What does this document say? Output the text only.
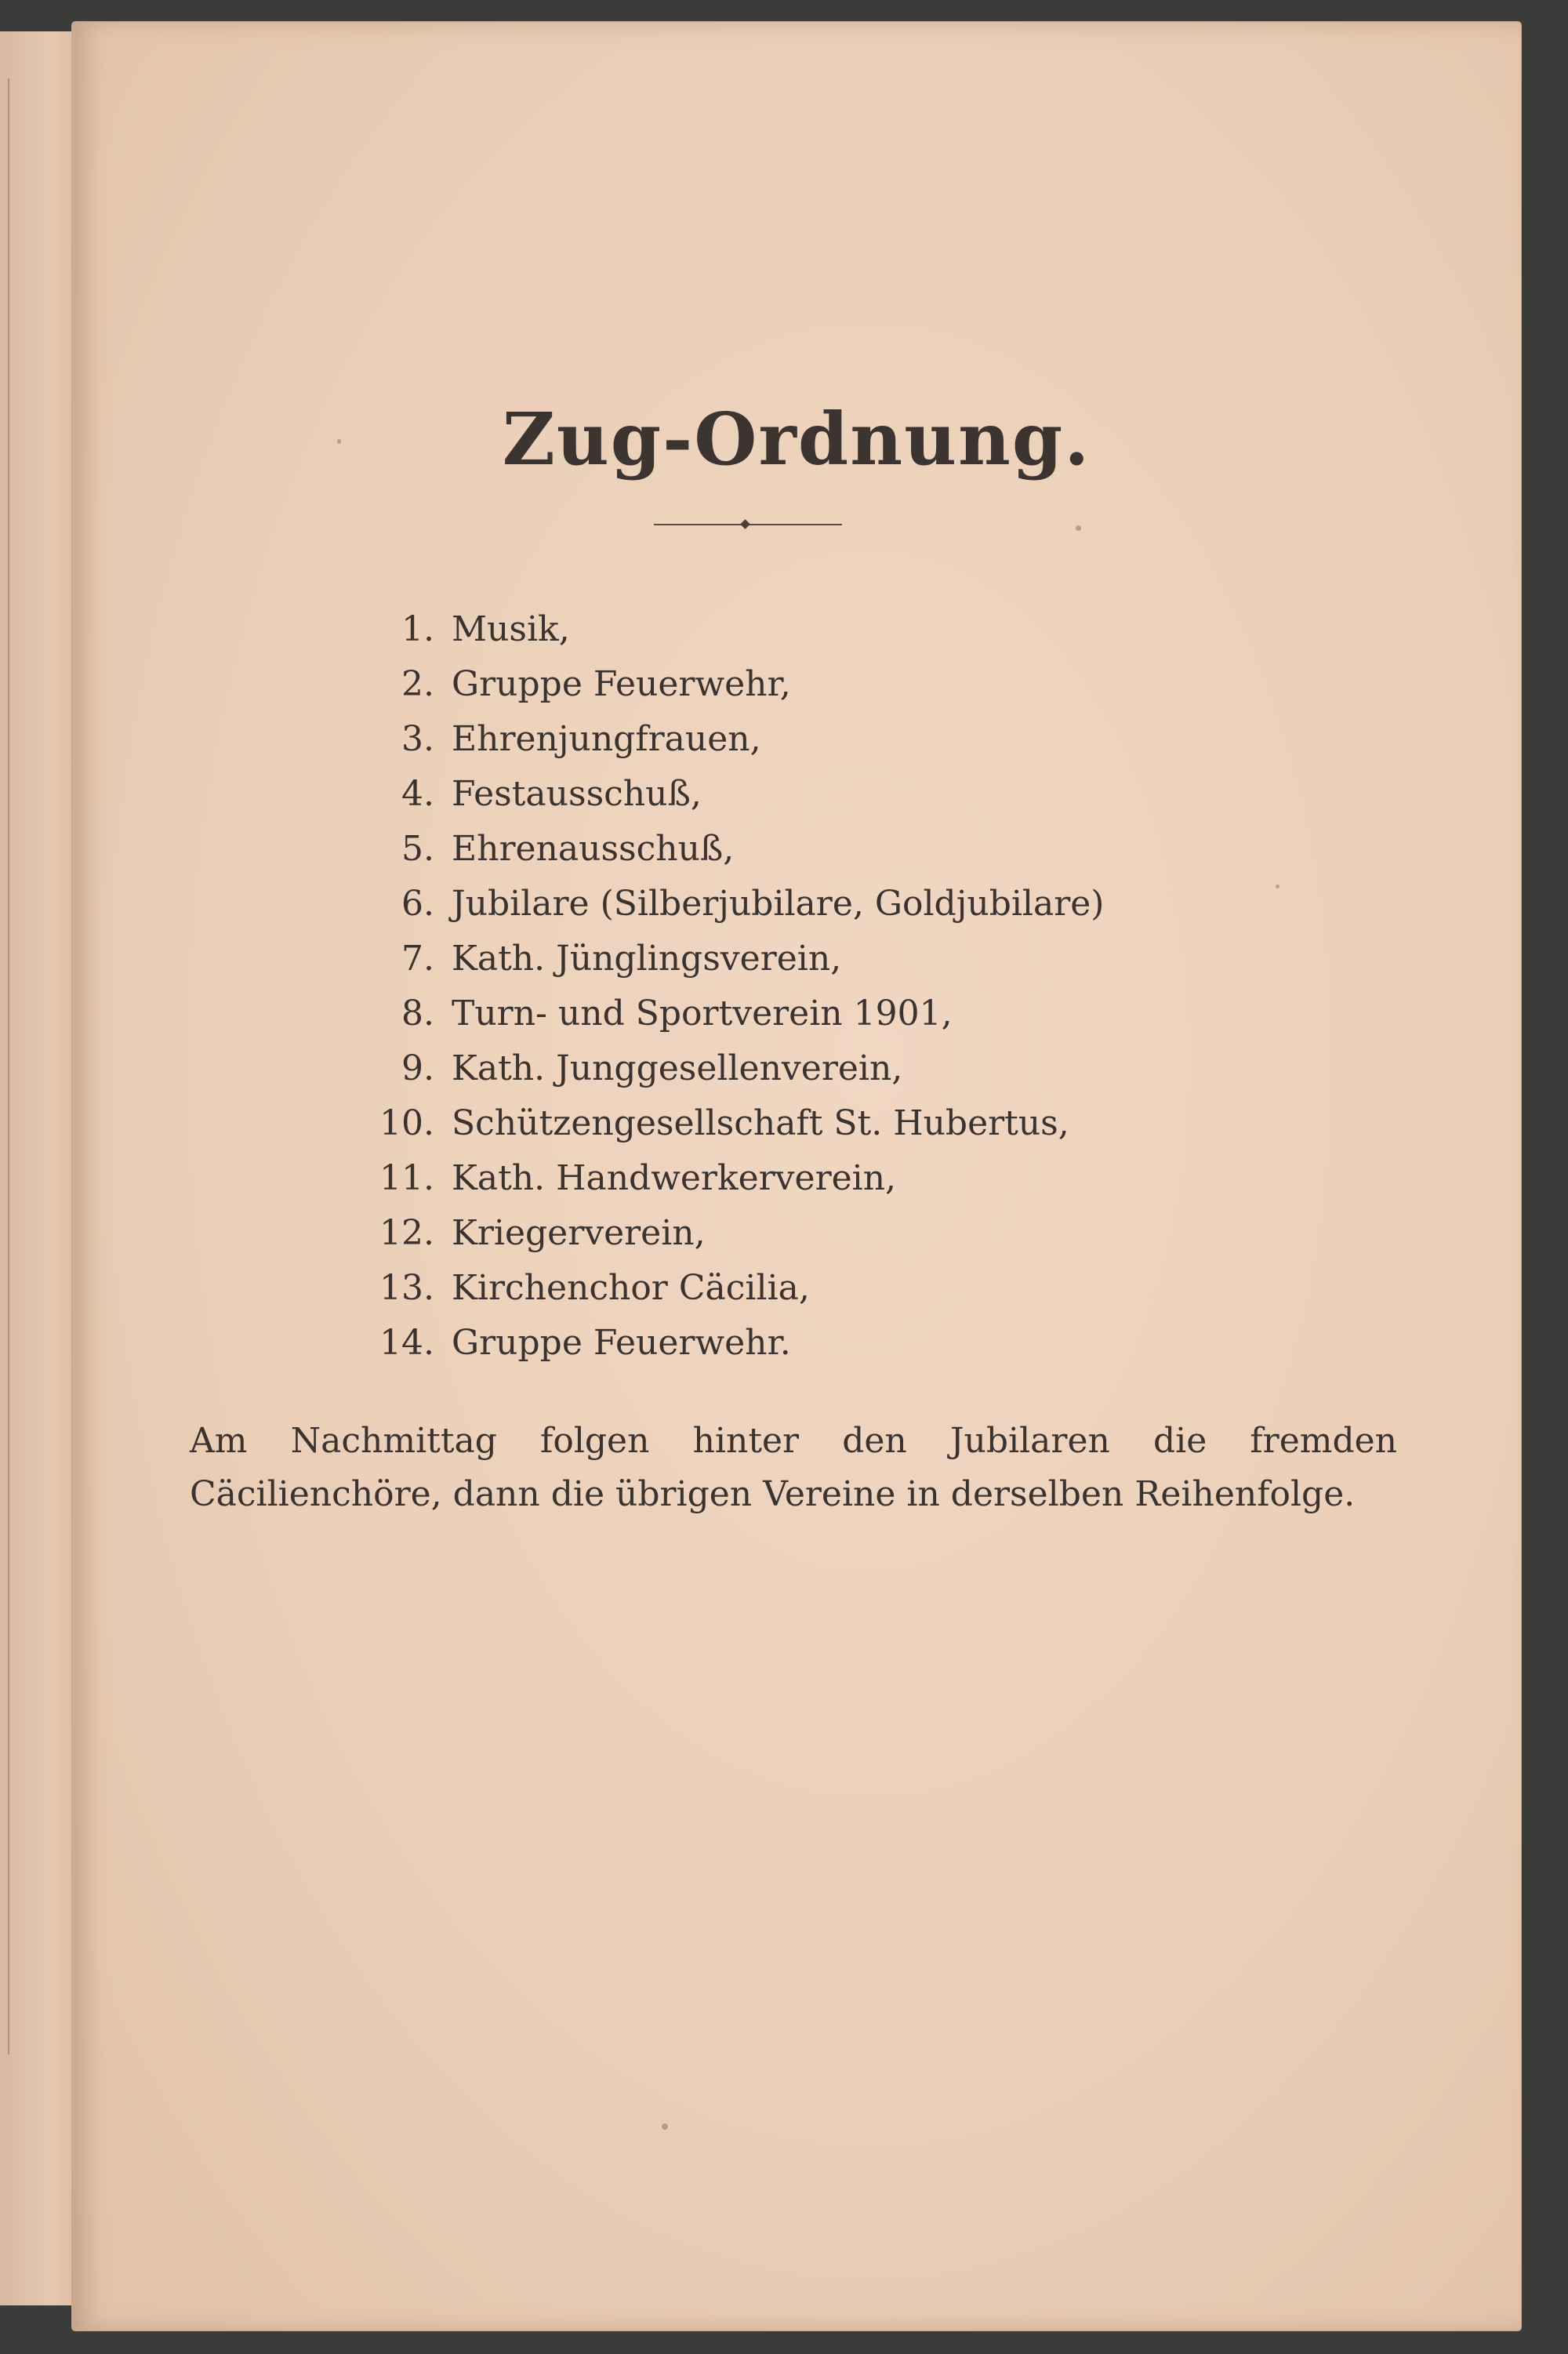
Zug-Ordnung.
1. Musik,
2. Gruppe Feuerwehr,
3. Ehrenjungfrauen,
4. Festausschuß,
5. Ehrenausschuß,
6. Jubilare (Silberjubilare, Goldjubilare)
7. Kath. Jünglingsverein,
8. Turn- und Sportverein 1901,
9. Kath. Junggesellenverein,
10. Schützengesellschaft St. Hubertus,
11. Kath. Handwerkerverein,
12. Kriegerverein,
13. Kirchenchor Cäcilia,
14. Gruppe Feuerwehr.

Am Nachmittag folgen hinter den Jubilaren die fremden Cäcilienchöre, dann die übrigen Vereine in derselben Reihenfolge.
